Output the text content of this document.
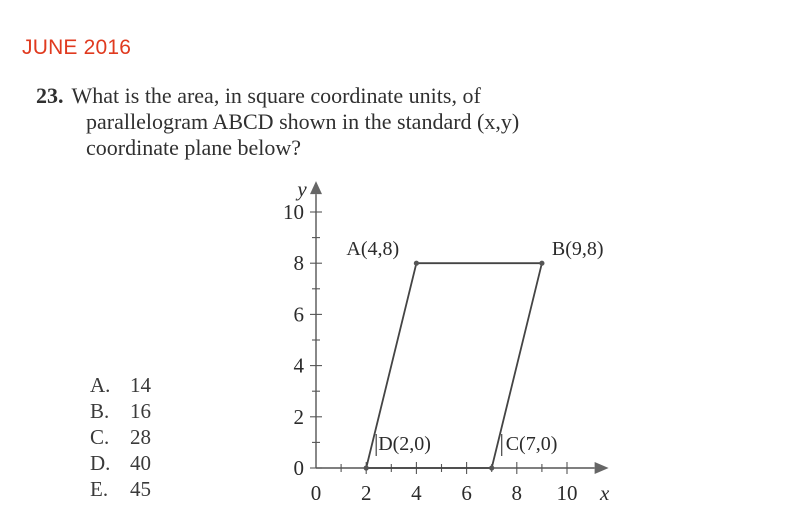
JUNE 2016
23. What is the area, in square coordinate units, of
parallelogram ABCD shown in the standard (x,y)
coordinate plane below?
A. 14
B. 16
C. 28
D. 40
E. 45
0
2
4
6
8
10
0 2 4 6 8 10 x
y
A(4,8)	B(9,8)
C(7,0)
D(2,0)
